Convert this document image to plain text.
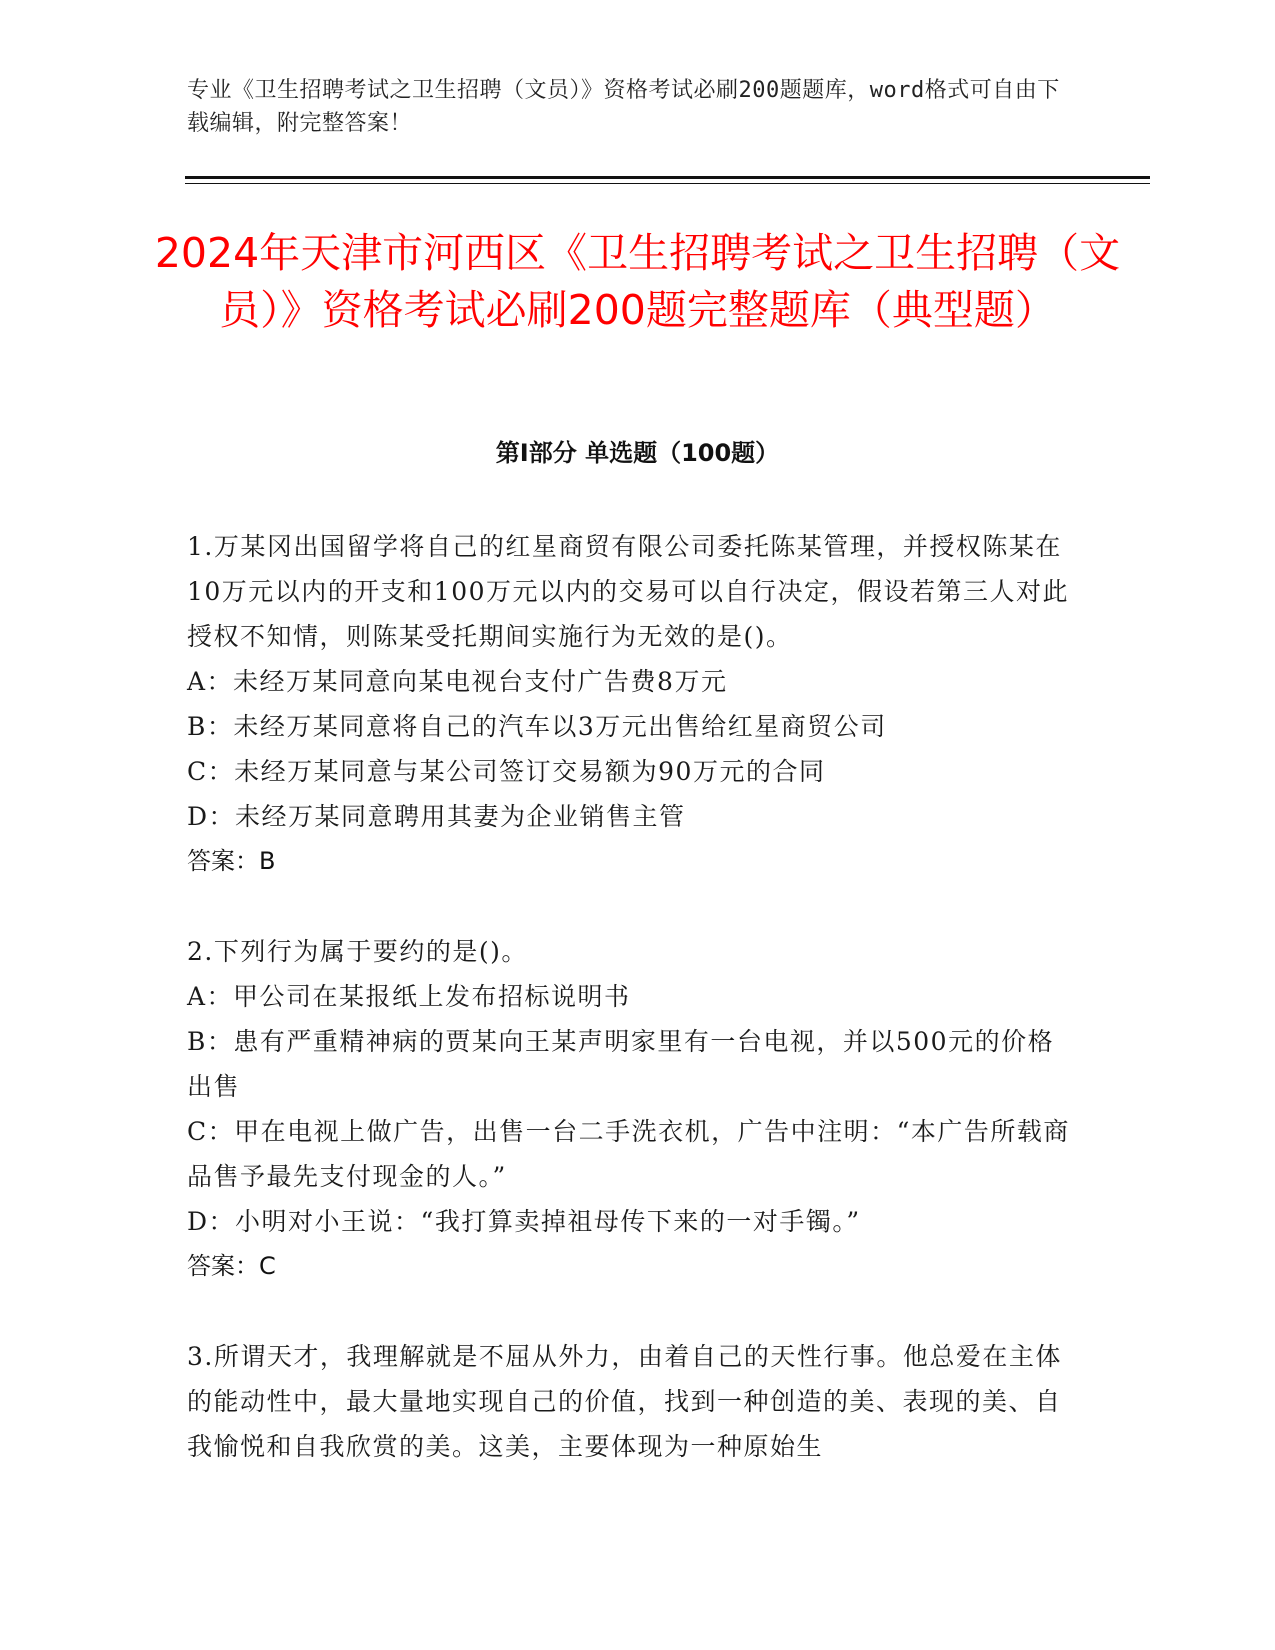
专业《卫生招聘考试之卫生招聘（文员）》资格考试必刷200题题库，word格式可自由下载编辑，附完整答案！
2024年天津市河西区《卫生招聘考试之卫生招聘（文员）》资格考试必刷200题完整题库（典型题）
第I部分 单选题（100题）

1.万某冈出国留学将自己的红星商贸有限公司委托陈某管理，并授权陈某在10万元以内的开支和100万元以内的交易可以自行决定，假设若第三人对此授权不知情，则陈某受托期间实施行为无效的是()。

A：未经万某同意向某电视台支付广告费8万元

B：未经万某同意将自己的汽车以3万元出售给红星商贸公司

C：未经万某同意与某公司签订交易额为90万元的合同

D：未经万某同意聘用其妻为企业销售主管

答案：B

2.下列行为属于要约的是()。

A：甲公司在某报纸上发布招标说明书

B：患有严重精神病的贾某向王某声明家里有一台电视，并以500元的价格出售

C：甲在电视上做广告，出售一台二手洗衣机，广告中注明：“本广告所载商品售予最先支付现金的人。”

D：小明对小王说：“我打算卖掉祖母传下来的一对手镯。”

答案：C

3.所谓天才，我理解就是不屈从外力，由着自己的天性行事。他总爱在主体的能动性中，最大量地实现自己的价值，找到一种创造的美、表现的美、自我愉悦和自我欣赏的美。这美，主要体现为一种原始生
